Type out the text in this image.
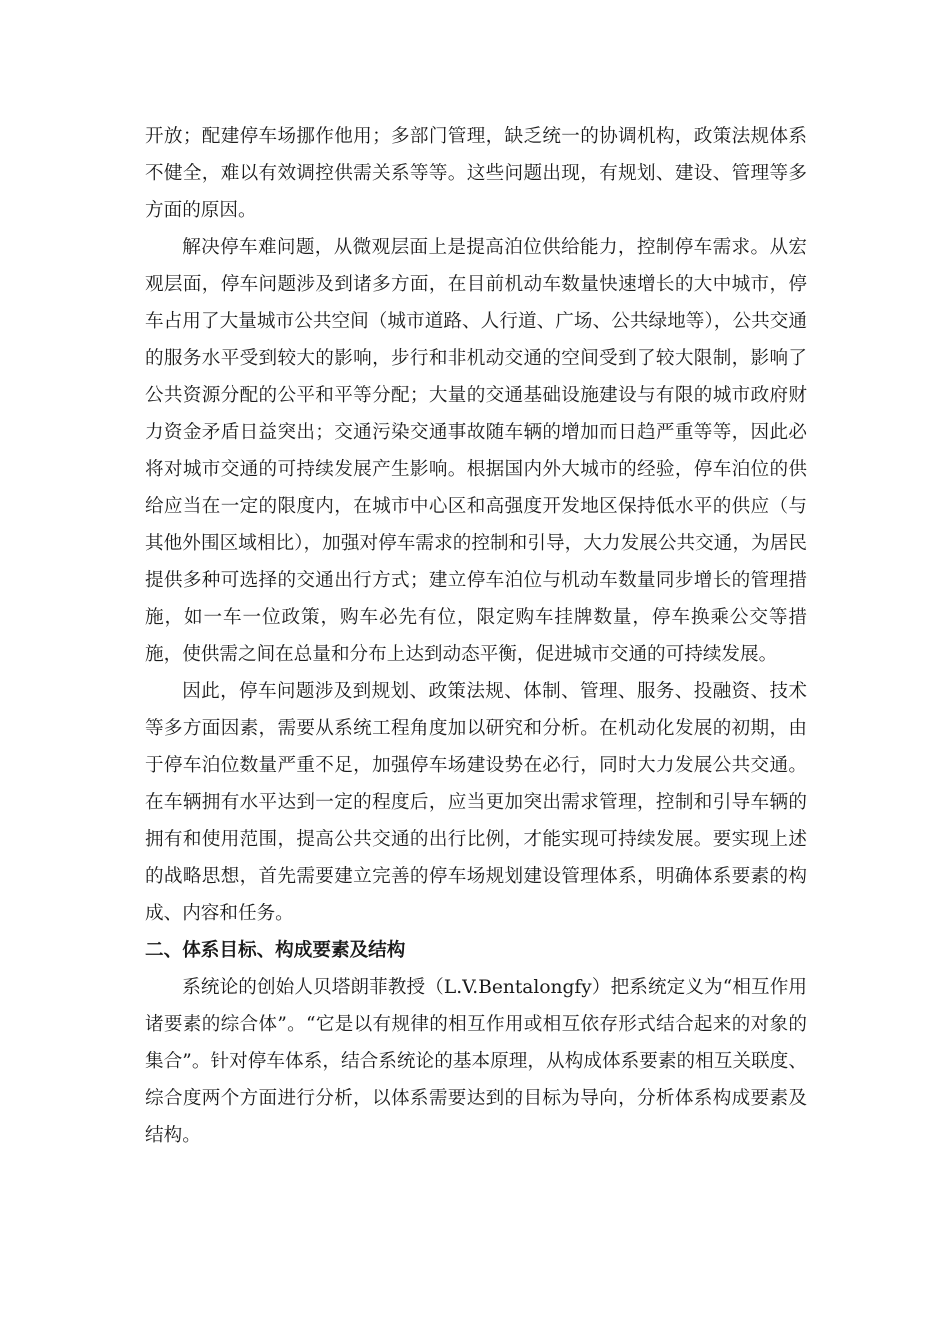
开放；配建停车场挪作他用；多部门管理，缺乏统一的协调机构，政策法规体系不健全，难以有效调控供需关系等等。这些问题出现，有规划、建设、管理等多方面的原因。

解决停车难问题，从微观层面上是提高泊位供给能力，控制停车需求。从宏观层面，停车问题涉及到诸多方面，在目前机动车数量快速增长的大中城市，停车占用了大量城市公共空间（城市道路、人行道、广场、公共绿地等），公共交通的服务水平受到较大的影响，步行和非机动交通的空间受到了较大限制，影响了公共资源分配的公平和平等分配；大量的交通基础设施建设与有限的城市政府财力资金矛盾日益突出；交通污染交通事故随车辆的增加而日趋严重等等，因此必将对城市交通的可持续发展产生影响。根据国内外大城市的经验，停车泊位的供给应当在一定的限度内，在城市中心区和高强度开发地区保持低水平的供应（与其他外围区域相比），加强对停车需求的控制和引导，大力发展公共交通，为居民提供多种可选择的交通出行方式；建立停车泊位与机动车数量同步增长的管理措施，如一车一位政策，购车必先有位，限定购车挂牌数量，停车换乘公交等措施，使供需之间在总量和分布上达到动态平衡，促进城市交通的可持续发展。

因此，停车问题涉及到规划、政策法规、体制、管理、服务、投融资、技术等多方面因素，需要从系统工程角度加以研究和分析。在机动化发展的初期，由于停车泊位数量严重不足，加强停车场建设势在必行，同时大力发展公共交通。在车辆拥有水平达到一定的程度后，应当更加突出需求管理，控制和引导车辆的拥有和使用范围，提高公共交通的出行比例，才能实现可持续发展。要实现上述的战略思想，首先需要建立完善的停车场规划建设管理体系，明确体系要素的构成、内容和任务。

二、体系目标、构成要素及结构

系统论的创始人贝塔朗菲教授（L.V.Bentalongfy）把系统定义为“相互作用诸要素的综合体”。“它是以有规律的相互作用或相互依存形式结合起来的对象的集合”。针对停车体系，结合系统论的基本原理，从构成体系要素的相互关联度、综合度两个方面进行分析，以体系需要达到的目标为导向，分析体系构成要素及结构。
